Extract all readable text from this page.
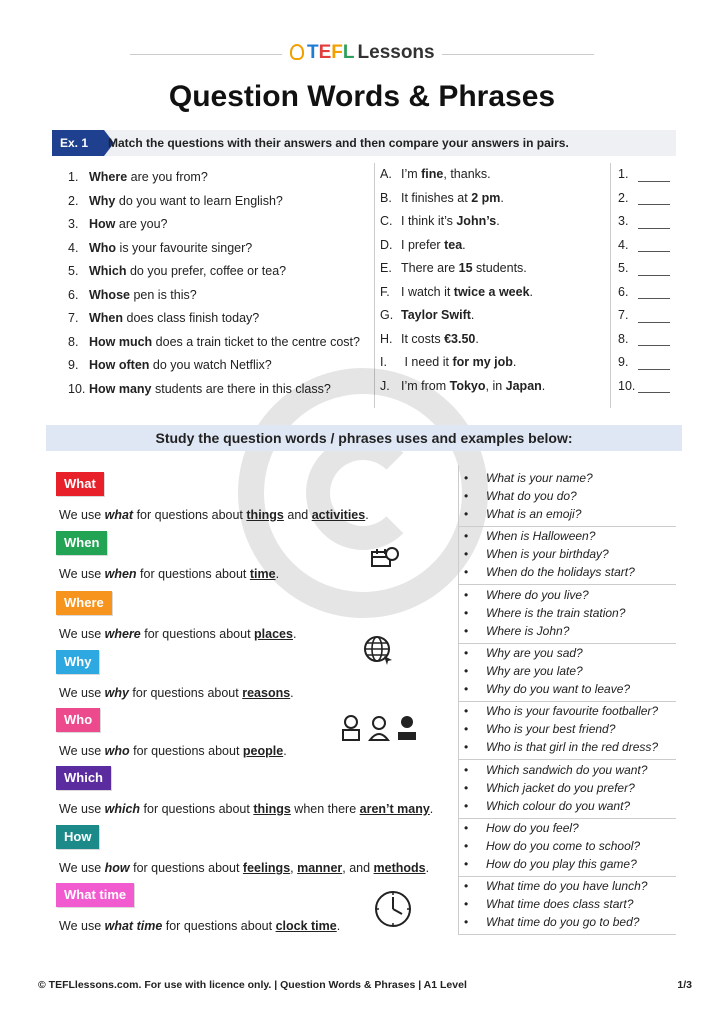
TEFL Lessons
Question Words & Phrases
Ex. 1	Match the questions with their answers and then compare your answers in pairs.
1. Where are you from?
2. Why do you want to learn English?
3. How are you?
4. Who is your favourite singer?
5. Which do you prefer, coffee or tea?
6. Whose pen is this?
7. When does class finish today?
8. How much does a train ticket to the centre cost?
9. How often do you watch Netflix?
10. How many students are there in this class?
A. I’m fine, thanks.
B. It finishes at 2 pm.
C. I think it’s John’s.
D. I prefer tea.
E. There are 15 students.
F. I watch it twice a week.
G. Taylor Swift.
H. It costs €3.50.
I. I need it for my job.
J. I’m from Tokyo, in Japan.
1.
2.
3.
4.
5.
6.
7.
8.
9.
10.
Study the question words / phrases uses and examples below:
What
We use what for questions about things and activities.
When
We use when for questions about time.
Where
We use where for questions about places.
Why
We use why for questions about reasons.
Who
We use who for questions about people.
Which
We use which for questions about things when there aren’t many.
How
We use how for questions about feelings, manner, and methods.
What time
We use what time for questions about clock time.
• What is your name?
• What do you do?
• What is an emoji?
• When is Halloween?
• When is your birthday?
• When do the holidays start?
• Where do you live?
• Where is the train station?
• Where is John?
• Why are you sad?
• Why are you late?
• Why do you want to leave?
• Who is your favourite footballer?
• Who is your best friend?
• Who is that girl in the red dress?
• Which sandwich do you want?
• Which jacket do you prefer?
• Which colour do you want?
• How do you feel?
• How do you come to school?
• How do you play this game?
• What time do you have lunch?
• What time does class start?
• What time do you go to bed?
© TEFLlessons.com. For use with licence only. | Question Words & Phrases | A1 Level	1/3
